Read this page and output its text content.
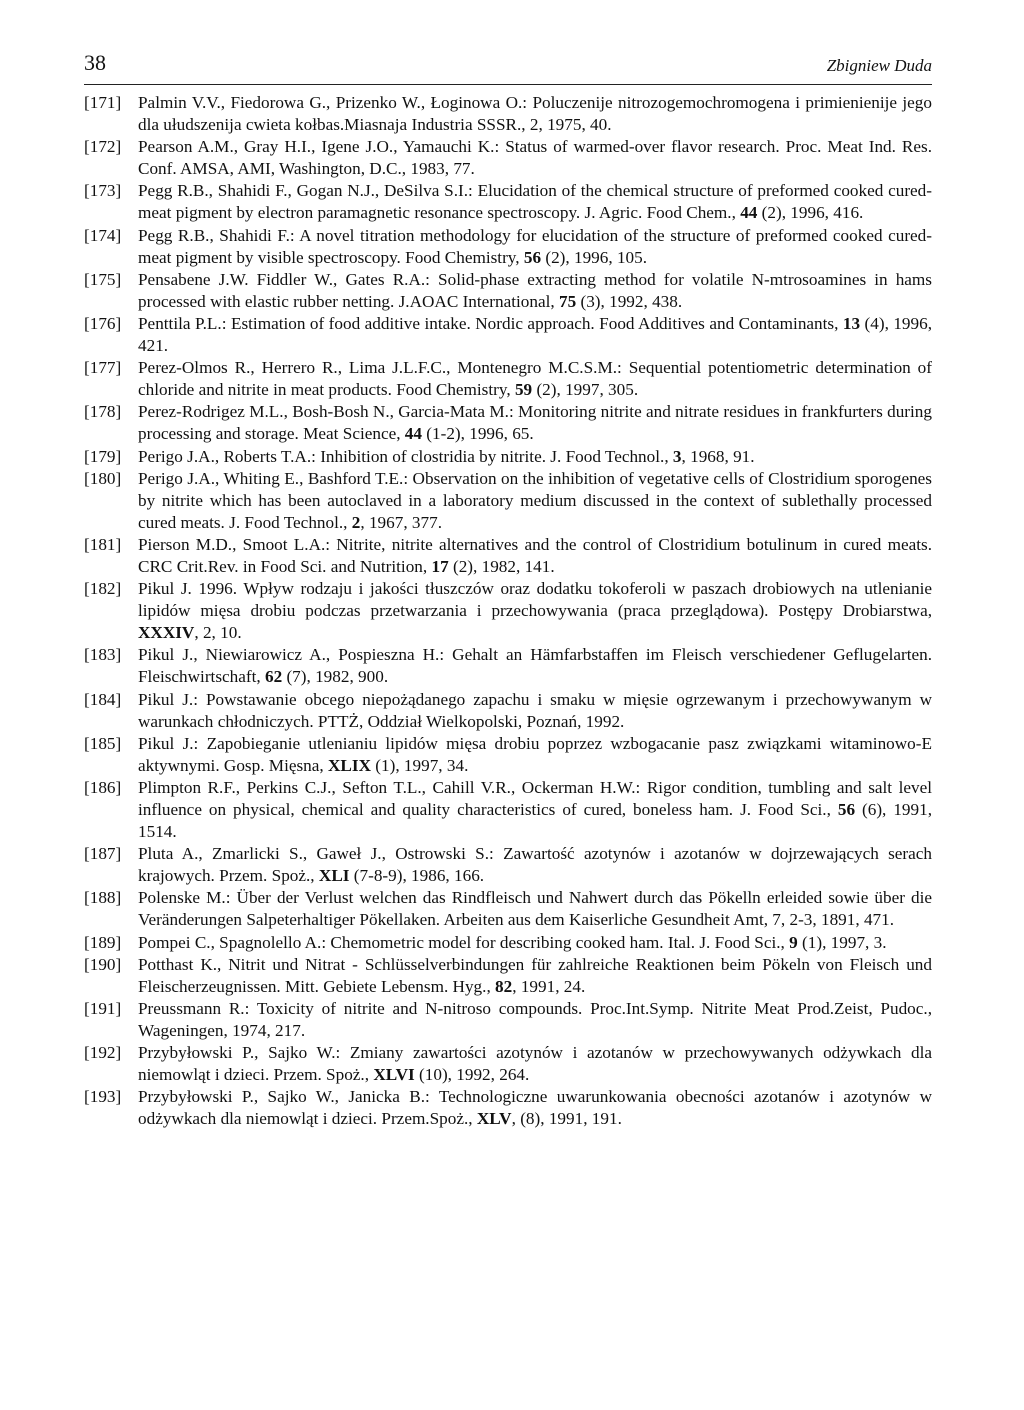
38	Zbigniew Duda

[171] Palmin V.V., Fiedorowa G., Prizenko W., Łoginowa O.: Poluczenije nitrozogemochromogena i primienienije jego dla ułudszenija cwieta kołbas.Miasnaja Industria SSSR., 2, 1975, 40.

[172] Pearson A.M., Gray H.I., Igene J.O., Yamauchi K.: Status of warmed-over flavor research. Proc. Meat Ind. Res. Conf. AMSA, AMI, Washington, D.C., 1983, 77.

[173] Pegg R.B., Shahidi F., Gogan N.J., DeSilva S.I.: Elucidation of the chemical structure of preformed cooked cured-meat pigment by electron paramagnetic resonance spectroscopy. J. Agric. Food Chem., 44 (2), 1996, 416.

[174] Pegg R.B., Shahidi F.: A novel titration methodology for elucidation of the structure of preformed cooked cured-meat pigment by visible spectroscopy. Food Chemistry, 56 (2), 1996, 105.

[175] Pensabene J.W. Fiddler W., Gates R.A.: Solid-phase extracting method for volatile N-mtrosoamines in hams processed with elastic rubber netting. J.AOAC International, 75 (3), 1992, 438.

[176] Penttila P.L.: Estimation of food additive intake. Nordic approach. Food Additives and Contaminants, 13 (4), 1996, 421.

[177] Perez-Olmos R., Herrero R., Lima J.L.F.C., Montenegro M.C.S.M.: Sequential potentiometric determination of chloride and nitrite in meat products. Food Chemistry, 59 (2), 1997, 305.

[178] Perez-Rodrigez M.L., Bosh-Bosh N., Garcia-Mata M.: Monitoring nitrite and nitrate residues in frankfurters during processing and storage. Meat Science, 44 (1-2), 1996, 65.

[179] Perigo J.A., Roberts T.A.: Inhibition of clostridia by nitrite. J. Food Technol., 3, 1968, 91.

[180] Perigo J.A., Whiting E., Bashford T.E.: Observation on the inhibition of vegetative cells of Clostridium sporogenes by nitrite which has been autoclaved in a laboratory medium discussed in the context of sublethally processed cured meats. J. Food Technol., 2, 1967, 377.

[181] Pierson M.D., Smoot L.A.: Nitrite, nitrite alternatives and the control of Clostridium botulinum in cured meats. CRC Crit.Rev. in Food Sci. and Nutrition, 17 (2), 1982, 141.

[182] Pikul J. 1996. Wpływ rodzaju i jakości tłuszczów oraz dodatku tokoferoli w paszach drobiowych na utlenianie lipidów mięsa drobiu podczas przetwarzania i przechowywania (praca przeglądowa). Postępy Drobiarstwa, XXXIV, 2, 10.

[183] Pikul J., Niewiarowicz A., Pospieszna H.: Gehalt an Hämfarbstaffen im Fleisch verschiedener Geflugelarten. Fleischwirtschaft, 62 (7), 1982, 900.

[184] Pikul J.: Powstawanie obcego niepożądanego zapachu i smaku w mięsie ogrzewanym i przechowywanym w warunkach chłodniczych. PTTŻ, Oddział Wielkopolski, Poznań, 1992.

[185] Pikul J.: Zapobieganie utlenianiu lipidów mięsa drobiu poprzez wzbogacanie pasz związkami witaminowo-E aktywnymi. Gosp. Mięsna, XLIX (1), 1997, 34.

[186] Plimpton R.F., Perkins C.J., Sefton T.L., Cahill V.R., Ockerman H.W.: Rigor condition, tumbling and salt level influence on physical, chemical and quality characteristics of cured, boneless ham. J. Food Sci., 56 (6), 1991, 1514.

[187] Pluta A., Zmarlicki S., Gaweł J., Ostrowski S.: Zawartość azotynów i azotanów w dojrzewających serach krajowych. Przem. Spoż., XLI (7-8-9), 1986, 166.

[188] Polenske M.: Über der Verlust welchen das Rindfleisch und Nahwert durch das Pökelln erleided sowie über die Veränderungen Salpeterhaltiger Pökellaken. Arbeiten aus dem Kaiserliche Gesundheit Amt, 7, 2-3, 1891, 471.

[189] Pompei C., Spagnolello A.: Chemometric model for describing cooked ham. Ital. J. Food Sci., 9 (1), 1997, 3.

[190] Potthast K., Nitrit und Nitrat - Schlüsselverbindungen für zahlreiche Reaktionen beim Pökeln von Fleisch und Fleischerzeugnissen. Mitt. Gebiete Lebensm. Hyg., 82, 1991, 24.

[191] Preussmann R.: Toxicity of nitrite and N-nitroso compounds. Proc.Int.Symp. Nitrite Meat Prod.Zeist, Pudoc., Wageningen, 1974, 217.

[192] Przybyłowski P., Sajko W.: Zmiany zawartości azotynów i azotanów w przechowywanych odżywkach dla niemowląt i dzieci. Przem. Spoż., XLVI (10), 1992, 264.

[193] Przybyłowski P., Sajko W., Janicka B.: Technologiczne uwarunkowania obecności azotanów i azotynów w odżywkach dla niemowląt i dzieci. Przem.Spoż., XLV, (8), 1991, 191.
